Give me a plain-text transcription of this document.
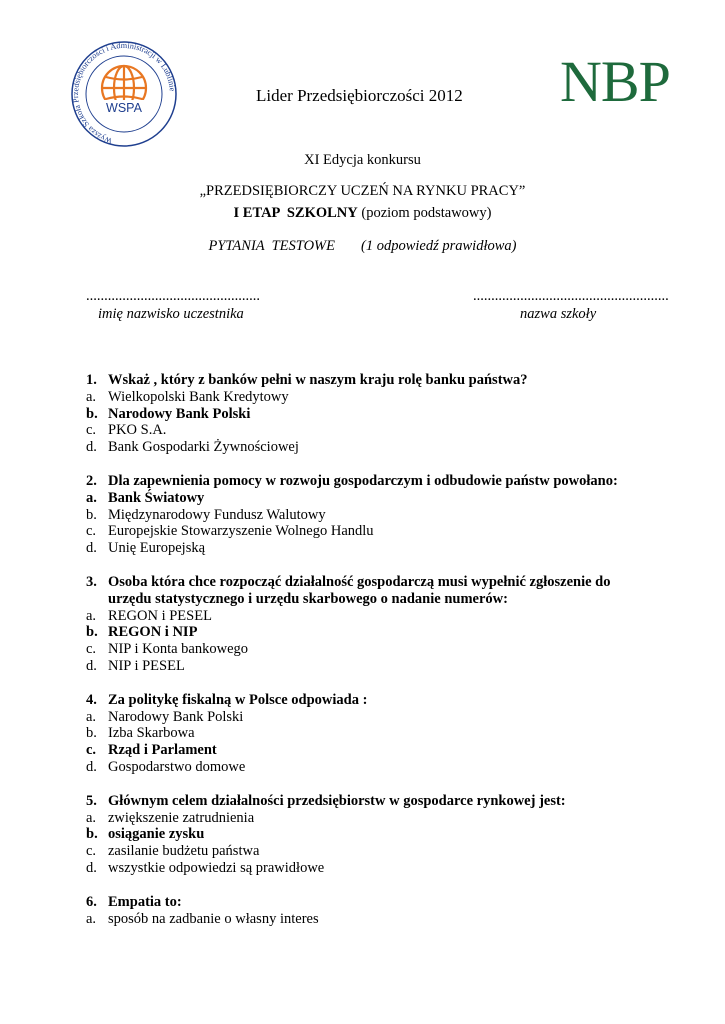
Wyższa Szkoła Przedsiębiorczości i Administracji w Lublinie
WSPA
Lider Przedsiębiorczości 2012 NBP
XI Edycja konkursu
„PRZEDSIĘBIORCZY UCZEŃ NA RYNKU PRACY”
I ETAP  SZKOLNY (poziom podstawowy)
PYTANIA  TESTOWE (1 odpowiedź prawidłowa)
................................................	......................................................
imię nazwisko uczestnika	nazwa szkoły
1. Wskaż , który z banków pełni w naszym kraju rolę banku państwa?
a. Wielkopolski Bank Kredytowy
b. Narodowy Bank Polski
c. PKO S.A.
d. Bank Gospodarki Żywnościowej
2. Dla zapewnienia pomocy w rozwoju gospodarczym i odbudowie państw powołano:
a. Bank Światowy
b. Międzynarodowy Fundusz Walutowy
c. Europejskie Stowarzyszenie Wolnego Handlu
d. Unię Europejską
3. Osoba która chce rozpocząć działalność gospodarczą musi wypełnić zgłoszenie do urzędu statystycznego i urzędu skarbowego o nadanie numerów:
a. REGON i PESEL
b. REGON i NIP
c. NIP i Konta bankowego
d. NIP i PESEL
4. Za politykę fiskalną w Polsce odpowiada :
a. Narodowy Bank Polski
b. Izba Skarbowa
c. Rząd i Parlament
d. Gospodarstwo domowe
5. Głównym celem działalności przedsiębiorstw w gospodarce rynkowej jest:
a. zwiększenie zatrudnienia
b. osiąganie zysku
c. zasilanie budżetu państwa
d. wszystkie odpowiedzi są prawidłowe
6. Empatia to:
a. sposób na zadbanie o własny interes
